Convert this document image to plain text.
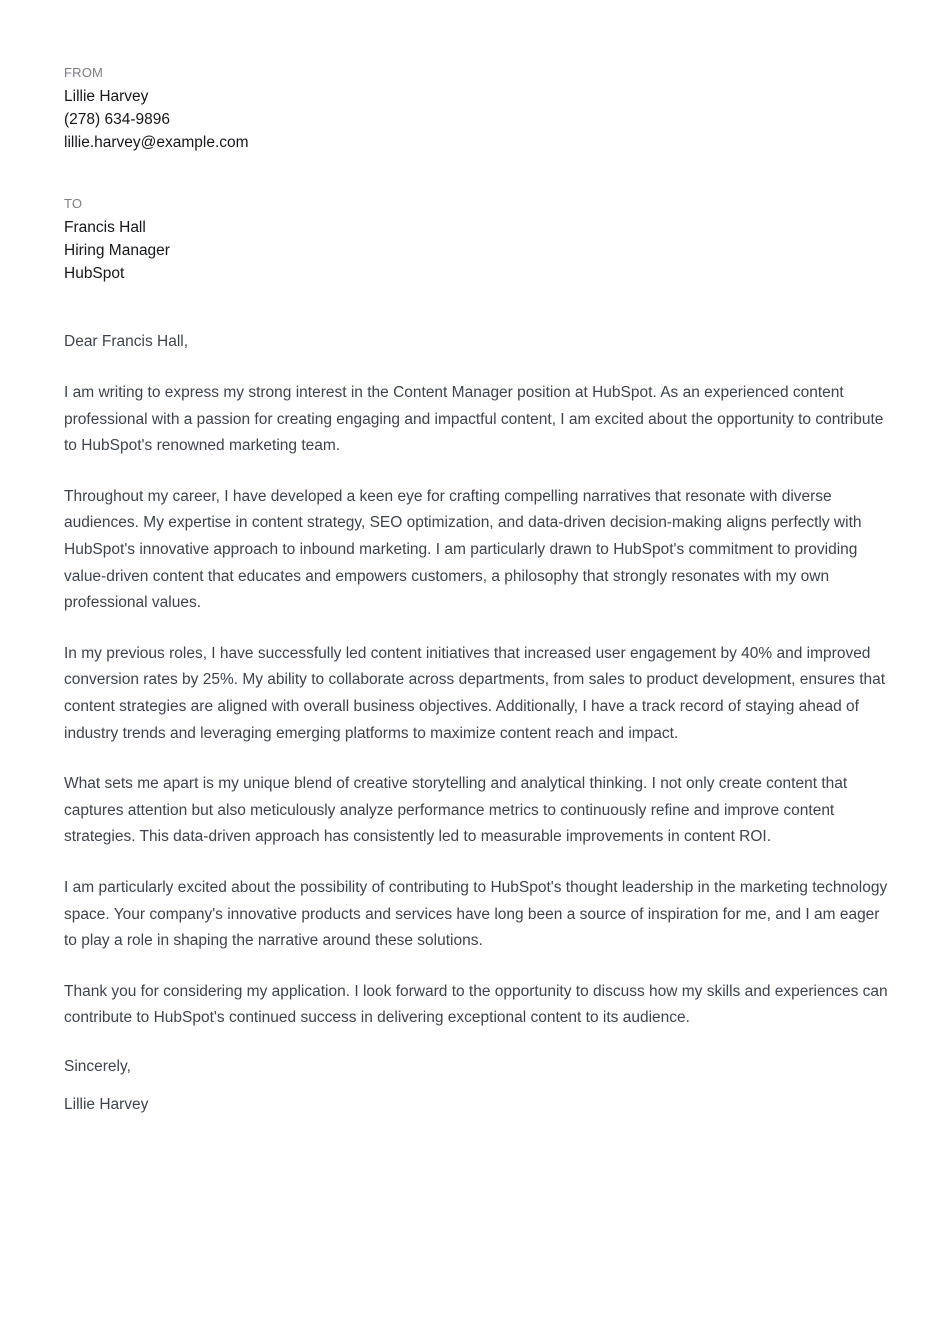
FROM
Lillie Harvey
(278) 634-9896
lillie.harvey@example.com
TO
Francis Hall
Hiring Manager
HubSpot
Dear Francis Hall,

I am writing to express my strong interest in the Content Manager position at HubSpot. As an experienced content professional with a passion for creating engaging and impactful content, I am excited about the opportunity to contribute to HubSpot's renowned marketing team.

Throughout my career, I have developed a keen eye for crafting compelling narratives that resonate with diverse audiences. My expertise in content strategy, SEO optimization, and data-driven decision-making aligns perfectly with HubSpot's innovative approach to inbound marketing. I am particularly drawn to HubSpot's commitment to providing value-driven content that educates and empowers customers, a philosophy that strongly resonates with my own professional values.

In my previous roles, I have successfully led content initiatives that increased user engagement by 40% and improved conversion rates by 25%. My ability to collaborate across departments, from sales to product development, ensures that content strategies are aligned with overall business objectives. Additionally, I have a track record of staying ahead of industry trends and leveraging emerging platforms to maximize content reach and impact.

What sets me apart is my unique blend of creative storytelling and analytical thinking. I not only create content that captures attention but also meticulously analyze performance metrics to continuously refine and improve content strategies. This data-driven approach has consistently led to measurable improvements in content ROI.

I am particularly excited about the possibility of contributing to HubSpot's thought leadership in the marketing technology space. Your company's innovative products and services have long been a source of inspiration for me, and I am eager to play a role in shaping the narrative around these solutions.

Thank you for considering my application. I look forward to the opportunity to discuss how my skills and experiences can contribute to HubSpot's continued success in delivering exceptional content to its audience.

Sincerely,
Lillie Harvey
